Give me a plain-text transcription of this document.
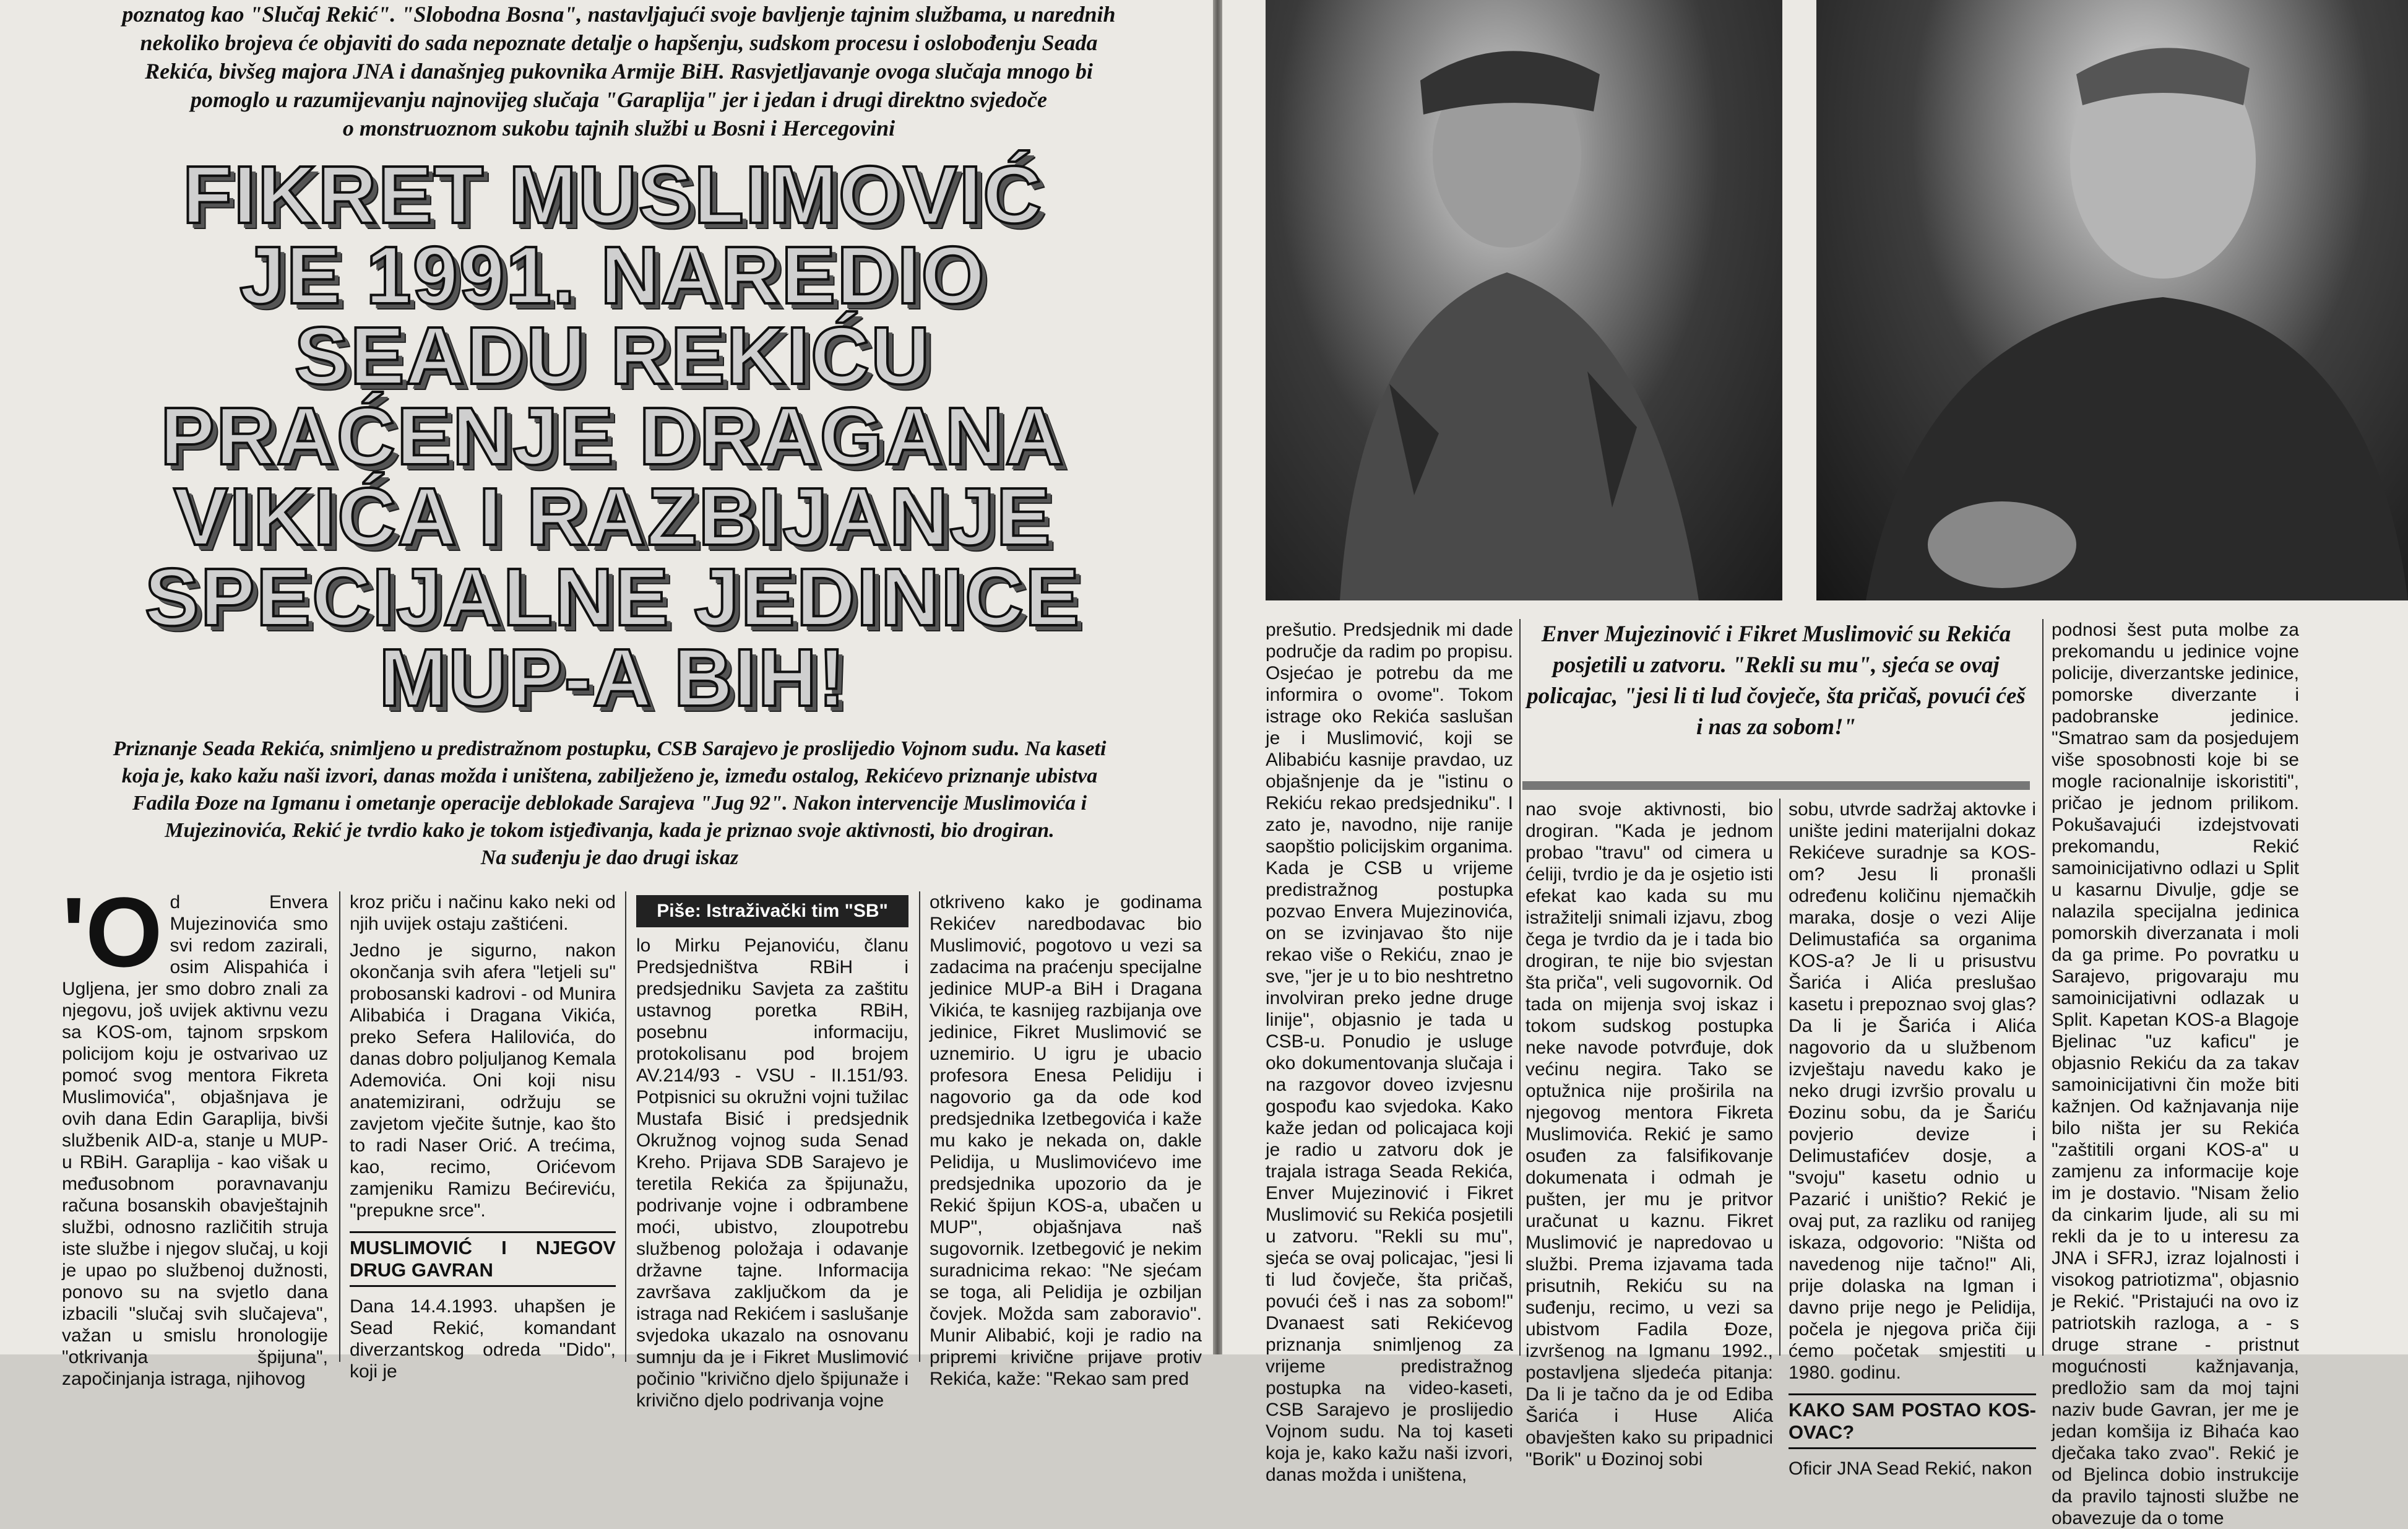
poznatog kao "Slučaj Rekić". "Slobodna Bosna", nastavljajući svoje bavljenje tajnim službama, u narednih
nekoliko brojeva će objaviti do sada nepoznate detalje o hapšenju, sudskom procesu i oslobođenju Seada
Rekića, bivšeg majora JNA i današnjeg pukovnika Armije BiH. Rasvjetljavanje ovoga slučaja mnogo bi
pomoglo u razumijevanju najnovijeg slučaja "Garaplija" jer i jedan i drugi direktno svjedoče
o monstruoznom sukobu tajnih službi u Bosni i Hercegovini
FIKRET MUSLIMOVIĆ
JE 1991. NAREDIO
SEADU REKIĆU
PRAĆENJE DRAGANA
VIKIĆA I RAZBIJANJE
SPECIJALNE JEDINICE
MUP-A BIH!
Priznanje Seada Rekića, snimljeno u predistražnom postupku, CSB Sarajevo je proslijedio Vojnom sudu. Na kaseti
koja je, kako kažu naši izvori, danas možda i uništena, zabilježeno je, između ostalog, Rekićevo priznanje ubistva
Fadila Đoze na Igmanu i ometanje operacije deblokade Sarajeva "Jug 92". Nakon intervencije Muslimovića i
Mujezinovića, Rekić je tvrdio kako je tokom istjeđivanja, kada je priznao svoje aktivnosti, bio drogiran.
Na suđenju je dao drugi iskaz
'O d Envera Mujezinovića smo svi redom zazirali, osim Alispahića i Ugljena, jer smo dobro znali za njegovu, još uvijek aktivnu vezu sa KOS-om, tajnom srpskom policijom koju je ostvarivao uz pomoć svog mentora Fikreta Muslimovića", objašnjava je ovih dana Edin Garaplija, bivši službenik AID-a, stanje u MUP-u RBiH. Garaplija - kao višak u međusobnom poravnavanju računa bosanskih obavještajnih službi, odnosno različitih struja iste službe i njegov slučaj, u koji je upao po službenoj dužnosti, ponovo su na svjetlo dana izbacili "slučaj svih slučajeva", važan u smislu hronologije "otkrivanja špijuna", započinjanja istraga, njihovog
kroz priču i načinu kako neki od njih uvijek ostaju zaštićeni.
Jedno je sigurno, nakon okončanja svih afera "letjeli su" probosanski kadrovi - od Munira Alibabića i Dragana Vikića, preko Sefera Halilovića, do danas dobro poljuljanog Kemala Ademovića. Oni koji nisu anatemizirani, održuju se zavjetom vječite šutnje, kao što to radi Naser Orić. A trećima, kao, recimo, Orićevom zamjeniku Ramizu Bećireviću, "prepukne srce".
MUSLIMOVIĆ I NJEGOV DRUG GAVRAN
Dana 14.4.1993. uhapšen je Sead Rekić, komandant diverzantskog odreda "Dido", koji je
Piše: Istraživački tim "SB"
lo Mirku Pejanoviću, članu Predsjedništva RBiH i predsjedniku Savjeta za zaštitu ustavnog poretka RBiH, posebnu informaciju, protokolisanu pod brojem AV.214/93 - VSU - II.151/93. Potpisnici su okružni vojni tužilac Mustafa Bisić i predsjednik Okružnog vojnog suda Senad Kreho. Prijava SDB Sarajevo je teretila Rekića za špijunažu, podrivanje vojne i odbrambene moći, ubistvo, zloupotrebu službenog položaja i odavanje državne tajne. Informacija završava zaključkom da je istraga nad Rekićem i saslušanje svjedoka ukazalo na osnovanu sumnju da je i Fikret Muslimović počinio "krivično djelo špijunaže i krivično djelo podrivanja vojne
otkriveno kako je godinama Rekićev naredbodavac bio Muslimović, pogotovo u vezi sa zadacima na praćenju specijalne jedinice MUP-a BiH i Dragana Vikića, te kasnijeg razbijanja ove jedinice, Fikret Muslimović se uznemirio. U igru je ubacio profesora Enesa Pelidiju i nagovorio ga da ode kod predsjednika Izetbegovića i kaže mu kako je nekada on, dakle Pelidija, u Muslimovićevo ime predsjednika upozorio da je Rekić špijun KOS-a, ubačen u MUP", objašnjava naš sugovornik. Izetbegović je nekim suradnicima rekao: "Ne sjećam se toga, ali Pelidija je ozbiljan čovjek. Možda sam zaboravio". Munir Alibabić, koji je radio na pripremi krivične prijave protiv Rekića, kaže: "Rekao sam pred
prešutio. Predsjednik mi dade područje da radim po propisu. Osjećao je potrebu da me informira o ovome". Tokom istrage oko Rekića saslušan je i Muslimović, koji se Alibabiću kasnije pravdao, uz objašnjenje da je "istinu o Rekiću rekao predsjedniku". I zato je, navodno, nije ranije saopštio policijskim organima. Kada je CSB u vrijeme predistražnog postupka pozvao Envera Mujezinovića, on se izvinjavao što nije rekao više o Rekiću, znao je sve, "jer je u to bio neshtretno involviran preko jedne druge linije", objasnio je tada u CSB-u. Ponudio je usluge oko dokumentovanja slučaja i na razgovor doveo izvjesnu gospođu kao svjedoka. Kako kaže jedan od policajaca koji je radio u zatvoru dok je trajala istraga Seada Rekića, Enver Mujezinović i Fikret Muslimović su Rekića posjetili u zatvoru. "Rekli su mu", sjeća se ovaj policajac, "jesi li ti lud čovječe, šta pričaš, povući ćeš i nas za sobom!" Dvanaest sati Rekićevog priznanja snimljenog za vrijeme predistražnog postupka na video-kaseti, CSB Sarajevo je proslijedio Vojnom sudu. Na toj kaseti koja je, kako kažu naši izvori, danas možda i uništena,
Enver Mujezinović i Fikret Muslimović su Rekića posjetili u zatvoru. "Rekli su mu", sjeća se ovaj policajac, "jesi li ti lud čovječe, šta pričaš, povući ćeš i nas za sobom!"
nao svoje aktivnosti, bio drogiran. "Kada je jednom probao "travu" od cimera u ćeliji, tvrdio je da je osjetio isti efekat kao kada su mu istražitelji snimali izjavu, zbog čega je tvrdio da je i tada bio drogiran, te nije bio svjestan šta priča", veli sugovornik. Od tada on mijenja svoj iskaz i tokom sudskog postupka neke navode potvrđuje, dok većinu negira. Tako se optužnica nije proširila na njegovog mentora Fikreta Muslimovića. Rekić je samo osuđen za falsifikovanje dokumenata i odmah je pušten, jer mu je pritvor uračunat u kaznu. Fikret Muslimović je napredovao u službi. Prema izjavama tada prisutnih, Rekiću su na suđenju, recimo, u vezi sa ubistvom Fadila Đoze, izvršenog na Igmanu 1992., postavljena sljedeća pitanja: Da li je tačno da je od Ediba Šarića i Huse Alića obavješten kako su pripadnici "Borik" u Đozinoj sobi
sobu, utvrde sadržaj aktovke i unište jedini materijalni dokaz Rekićeve suradnje sa KOS-om? Jesu li pronašli određenu količinu njemačkih maraka, dosje o vezi Alije Delimustafića sa organima KOS-a? Je li u prisustvu Šarića i Alića preslušao kasetu i prepoznao svoj glas? Da li je Šarića i Alića nagovorio da u službenom izvještaju navedu kako je neko drugi izvršio provalu u Đozinu sobu, da je Šariću povjerio devize i Delimustafićev dosje, a "svoju" kasetu odnio u Pazarić i uništio? Rekić je ovaj put, za razliku od ranijeg iskaza, odgovorio: "Ništa od navedenog nije tačno!" Ali, prije dolaska na Igman i davno prije nego je Pelidija, počela je njegova priča čiji ćemo početak smjestiti u 1980. godinu.
KAKO SAM POSTAO KOS-OVAC?
Oficir JNA Sead Rekić, nakon
podnosi šest puta molbe za prekomandu u jedinice vojne policije, diverzantske jedinice, pomorske diverzante i padobranske jedinice. "Smatrao sam da posjedujem više sposobnosti koje bi se mogle racionalnije iskoristiti", pričao je jednom prilikom. Pokušavajući izdejstvovati prekomandu, Rekić samoinicijativno odlazi u Split u kasarnu Divulje, gdje se nalazila specijalna jedinica pomorskih diverzanata i moli da ga prime. Po povratku u Sarajevo, prigovaraju mu samoinicijativni odlazak u Split. Kapetan KOS-a Blagoje Bjelinac "uz kaficu" je objasnio Rekiću da za takav samoinicijativni čin može biti kažnjen. Od kažnjavanja nije bilo ništa jer su Rekića "zaštitili organi KOS-a" u zamjenu za informacije koje im je dostavio. "Nisam želio da cinkarim ljude, ali su mi rekli da je to u interesu za JNA i SFRJ, izraz lojalnosti i visokog patriotizma", objasnio je Rekić. "Pristajući na ovo iz patriotskih razloga, a - s druge strane - pristnut mogućnosti kažnjavanja, predložio sam da moj tajni naziv bude Gavran, jer me je jedan komšija iz Bihaća kao dječaka tako zvao". Rekić je od Bjelinca dobio instrukcije da pravilo tajnosti službe ne obavezuje da o tome
